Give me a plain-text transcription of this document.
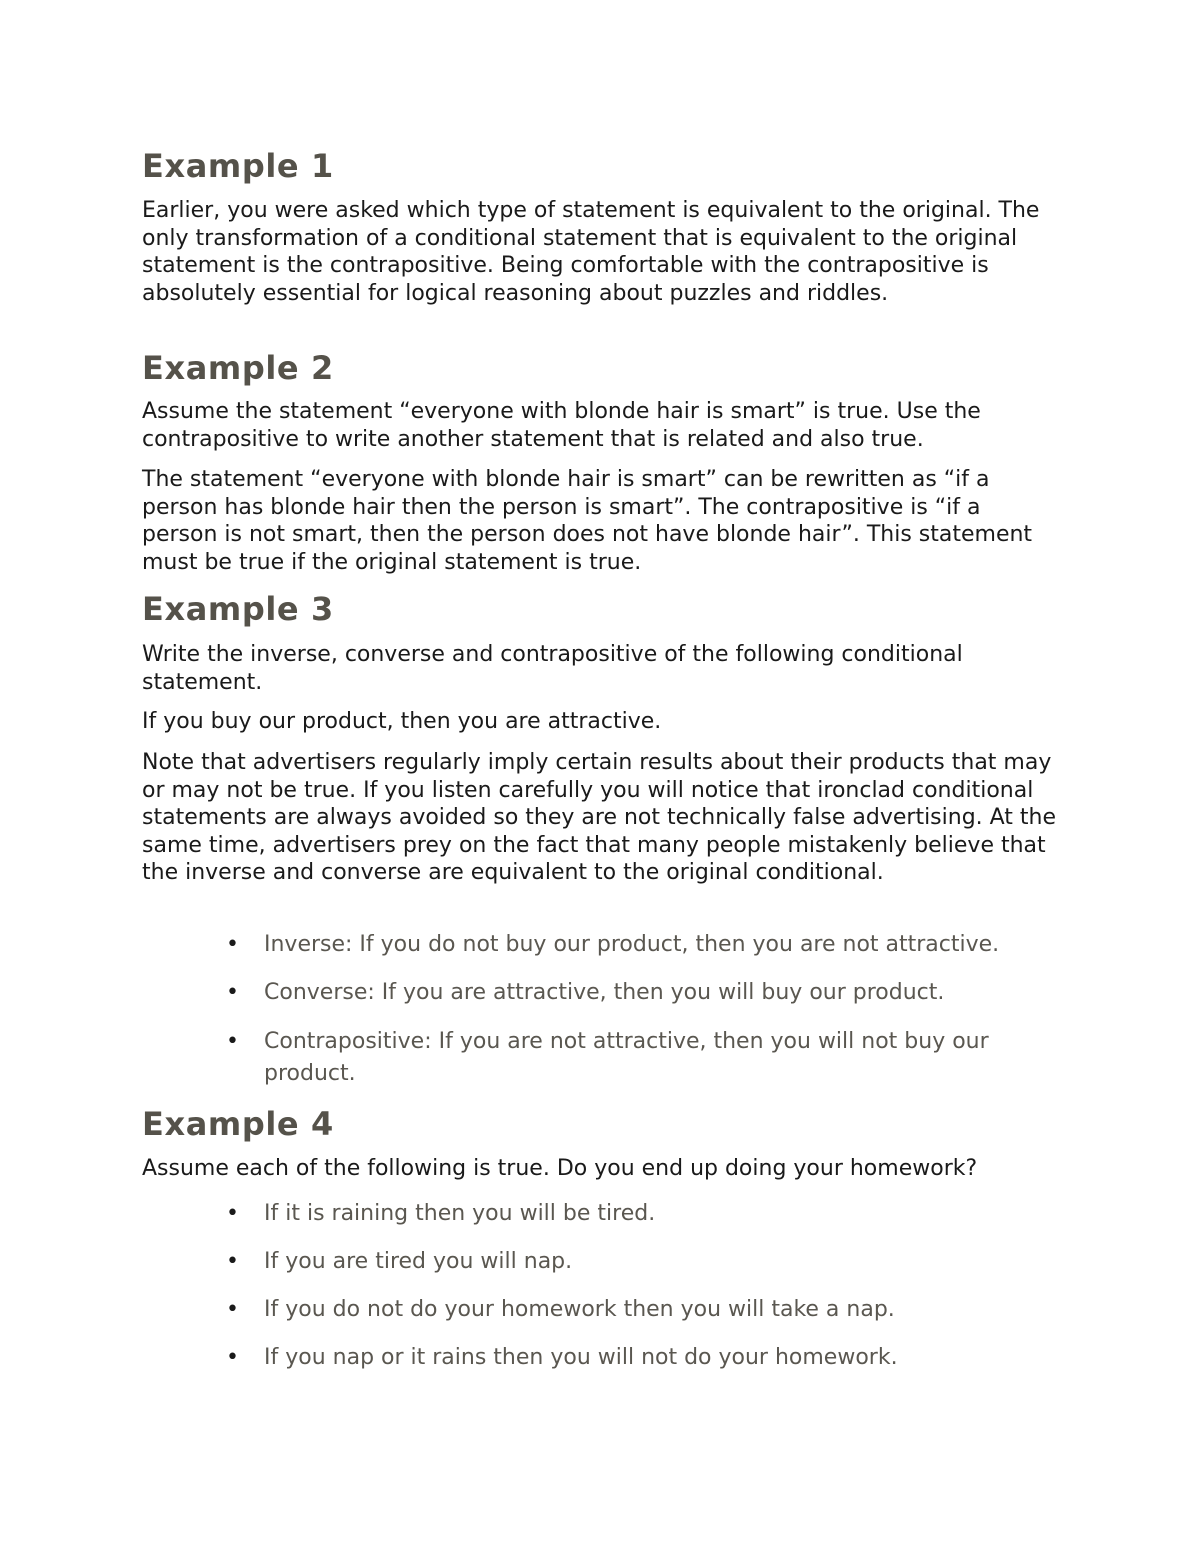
Example 1

Earlier, you were asked which type of statement is equivalent to the original. The only transformation of a conditional statement that is equivalent to the original statement is the contrapositive. Being comfortable with the contrapositive is absolutely essential for logical reasoning about puzzles and riddles.

Example 2

Assume the statement “everyone with blonde hair is smart” is true. Use the contrapositive to write another statement that is related and also true.

The statement “everyone with blonde hair is smart” can be rewritten as “if a person has blonde hair then the person is smart”. The contrapositive is “if a person is not smart, then the person does not have blonde hair”. This statement must be true if the original statement is true.

Example 3

Write the inverse, converse and contrapositive of the following conditional statement.

If you buy our product, then you are attractive.

Note that advertisers regularly imply certain results about their products that may or may not be true. If you listen carefully you will notice that ironclad conditional statements are always avoided so they are not technically false advertising. At the same time, advertisers prey on the fact that many people mistakenly believe that the inverse and converse are equivalent to the original conditional.

• Inverse: If you do not buy our product, then you are not attractive.
• Converse: If you are attractive, then you will buy our product.
• Contrapositive: If you are not attractive, then you will not buy our product.
Example 4

Assume each of the following is true. Do you end up doing your homework?

• If it is raining then you will be tired.
• If you are tired you will nap.
• If you do not do your homework then you will take a nap.
• If you nap or it rains then you will not do your homework.
